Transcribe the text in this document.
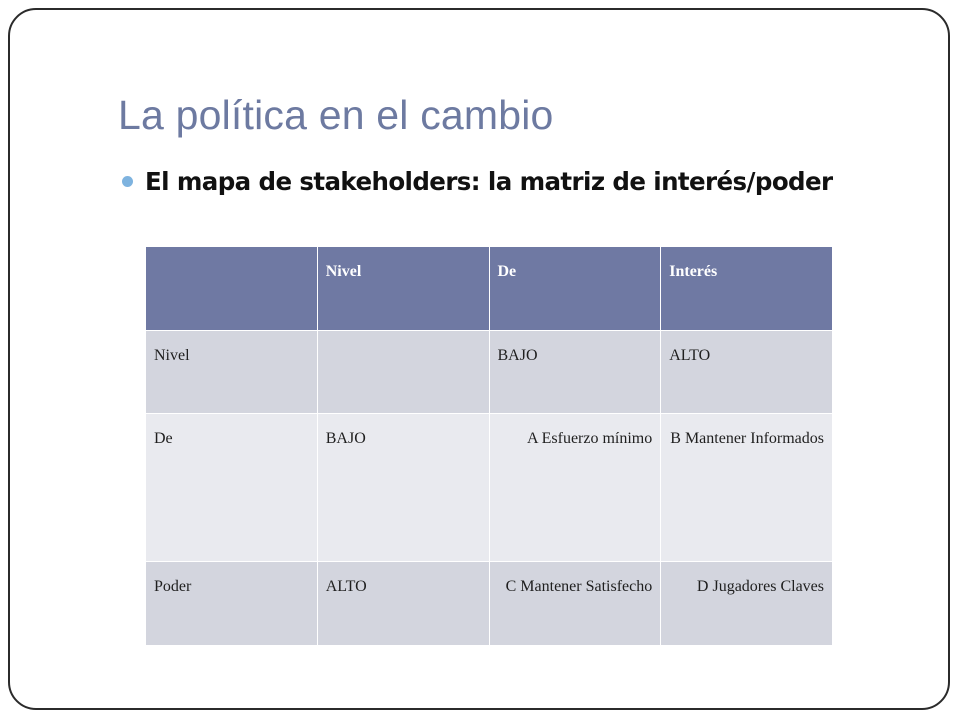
La política en el cambio
El mapa de stakeholders: la matriz de interés/poder
	Nivel	De	Interés
Nivel		BAJO	ALTO
De	BAJO	A Esfuerzo mínimo	B Mantener Informados
Poder	ALTO	C Mantener Satisfecho	D Jugadores Claves
